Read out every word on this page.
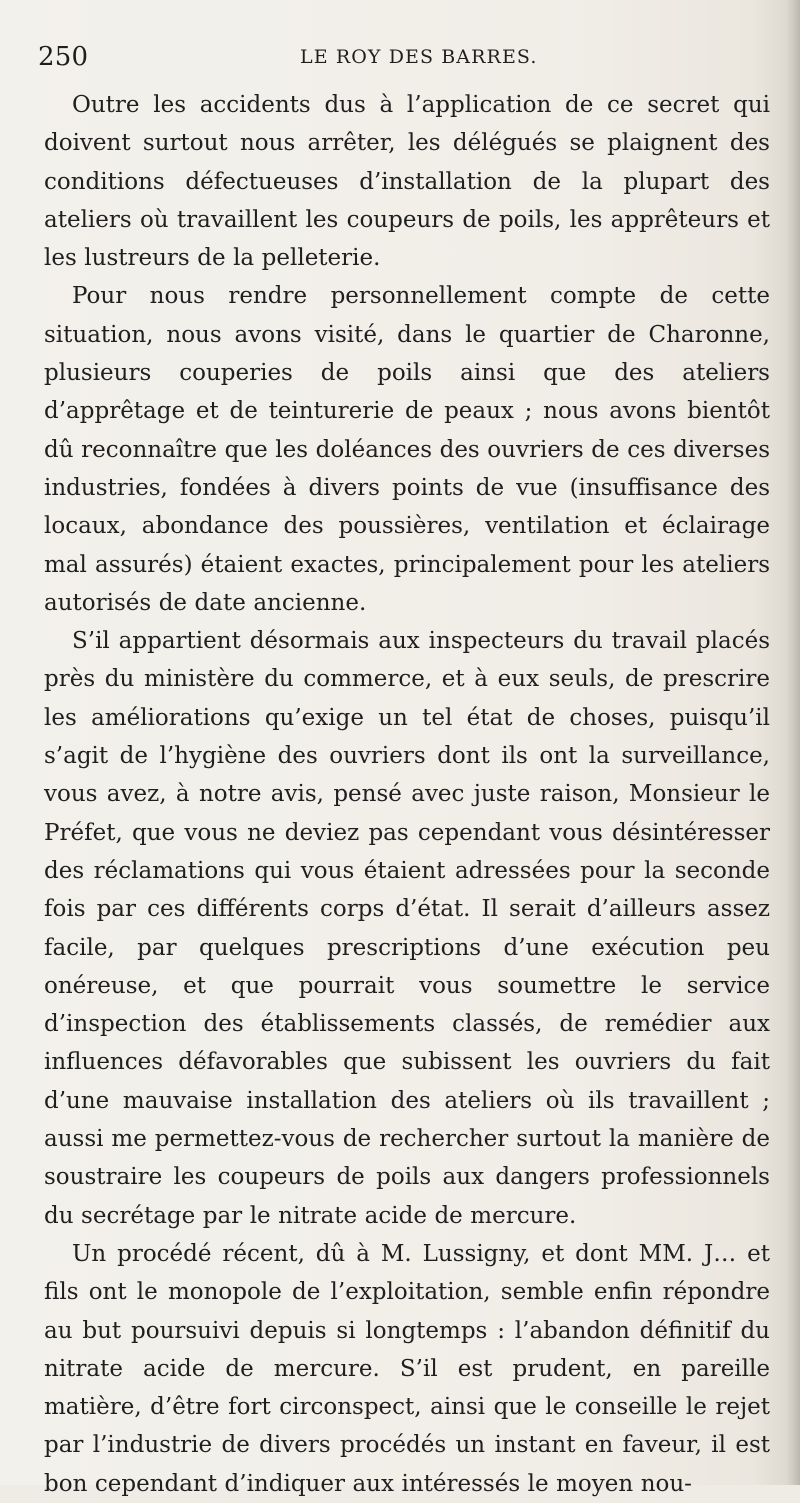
250	LE ROY DES BARRES.

Outre les accidents dus à l’application de ce secret qui doivent surtout nous arrêter, les délégués se plaignent des conditions défectueuses d’installation de la plupart des ateliers où travaillent les coupeurs de poils, les apprêteurs et les lustreurs de la pelleterie.

Pour nous rendre personnellement compte de cette situation, nous avons visité, dans le quartier de Charonne, plusieurs couperies de poils ainsi que des ateliers d’apprêtage et de teinturerie de peaux ; nous avons bientôt dû reconnaître que les doléances des ouvriers de ces diverses industries, fondées à divers points de vue (insuffisance des locaux, abondance des poussières, ventilation et éclairage mal assurés) étaient exactes, principalement pour les ateliers autorisés de date ancienne.

S’il appartient désormais aux inspecteurs du travail placés près du ministère du commerce, et à eux seuls, de prescrire les améliorations qu’exige un tel état de choses, puisqu’il s’agit de l’hygiène des ouvriers dont ils ont la surveillance, vous avez, à notre avis, pensé avec juste raison, Monsieur le Préfet, que vous ne deviez pas cependant vous désintéresser des réclamations qui vous étaient adressées pour la seconde fois par ces différents corps d’état. Il serait d’ailleurs assez facile, par quelques prescriptions d’une exécution peu onéreuse, et que pourrait vous soumettre le service d’inspection des établissements classés, de remédier aux influences défavorables que subissent les ouvriers du fait d’une mauvaise installation des ateliers où ils travaillent ; aussi me permettez-vous de rechercher surtout la manière de soustraire les coupeurs de poils aux dangers professionnels du secrétage par le nitrate acide de mercure.

Un procédé récent, dû à M. Lussigny, et dont MM. J… et fils ont le monopole de l’exploitation, semble enfin répondre au but poursuivi depuis si longtemps : l’abandon définitif du nitrate acide de mercure. S’il est prudent, en pareille matière, d’être fort circonspect, ainsi que le conseille le rejet par l’industrie de divers procédés un instant en faveur, il est bon cependant d’indiquer aux intéressés le moyen nou-
